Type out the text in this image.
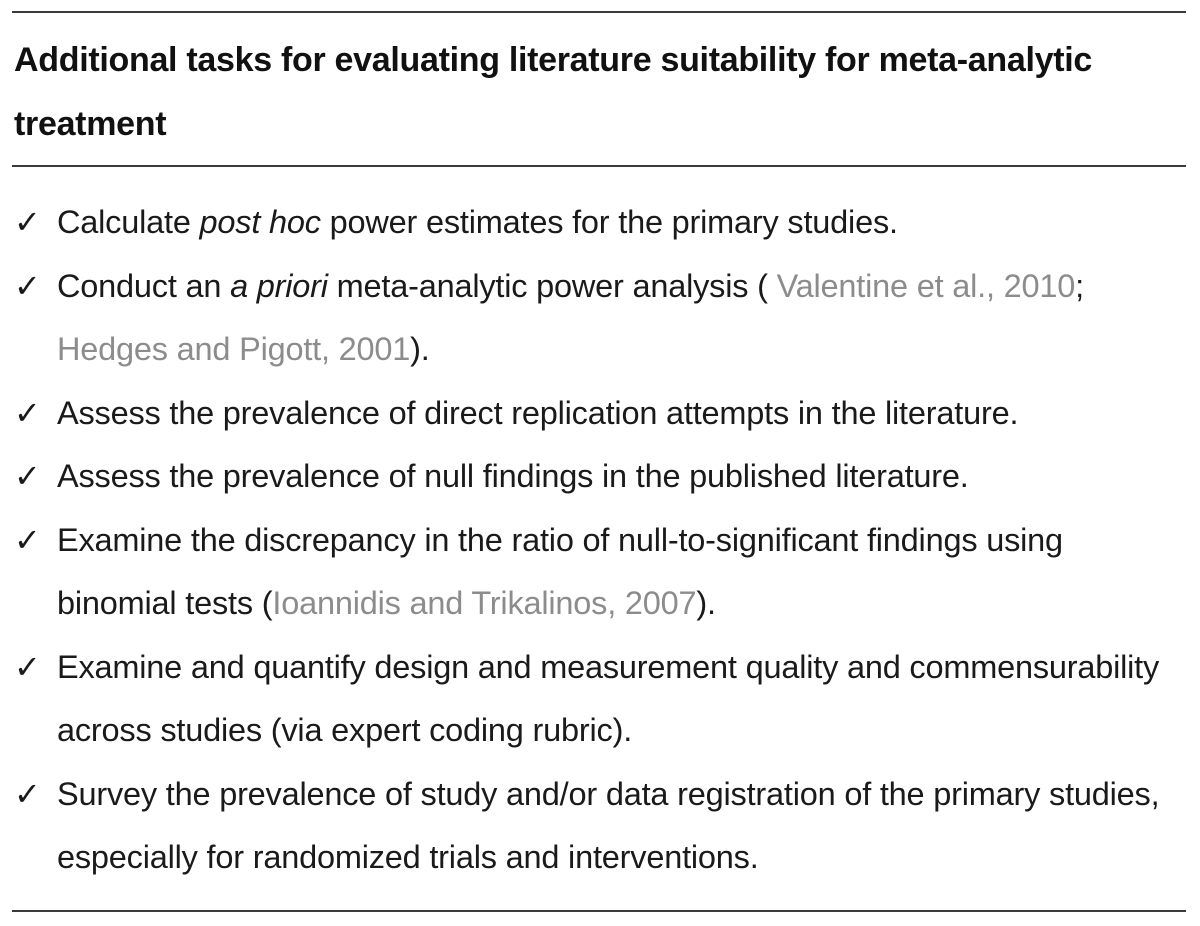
Additional tasks for evaluating literature suitability for meta-analytic treatment
✓ Calculate post hoc power estimates for the primary studies.
✓ Conduct an a priori meta-analytic power analysis ( Valentine et al., 2010; Hedges and Pigott, 2001).
✓ Assess the prevalence of direct replication attempts in the literature.
✓ Assess the prevalence of null findings in the published literature.
✓ Examine the discrepancy in the ratio of null-to-significant findings using binomial tests (Ioannidis and Trikalinos, 2007).
✓ Examine and quantify design and measurement quality and commensurability across studies (via expert coding rubric).
✓ Survey the prevalence of study and/or data registration of the primary studies, especially for randomized trials and interventions.
